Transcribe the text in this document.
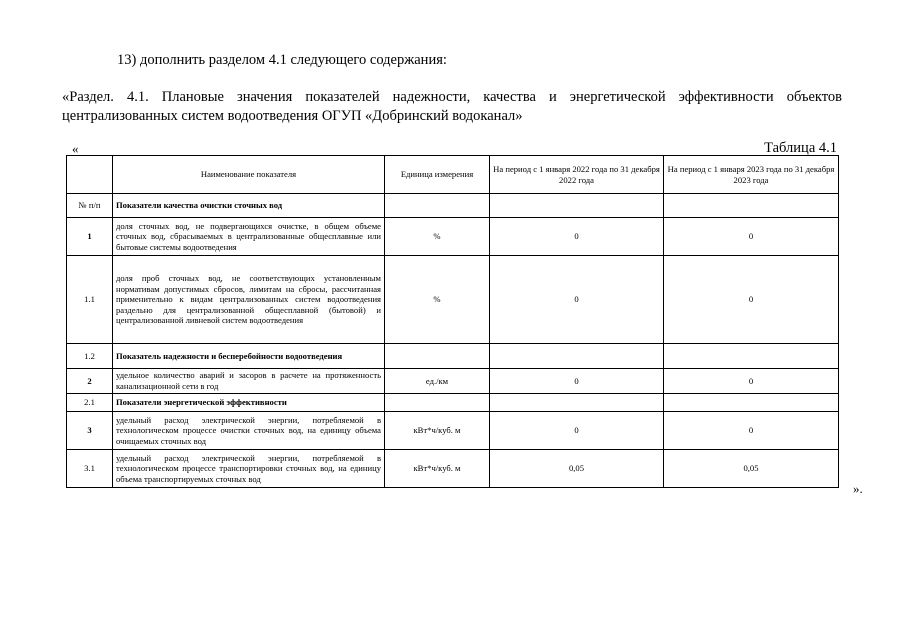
13) дополнить разделом 4.1 следующего содержания:
«Раздел. 4.1. Плановые значения показателей надежности, качества и энергетической эффективности объектов централизованных систем водоотведения ОГУП «Добринский водоканал»
«	Таблица 4.1
	Наименование показателя	Единица измерения	На период с 1 января 2022 года по 31 декабря 2022 года	На период с 1 января 2023 года по 31 декабря 2023 года
№ п/п	Показатели качества очистки сточных вод			
1	доля сточных вод, не подвергающихся очистке, в общем объеме сточных вод, сбрасываемых в централизованные общесплавные или бытовые системы водоотведения	%	0	0
1.1	доля проб сточных вод, не соответствующих установленным нормативам допустимых сбросов, лимитам на сбросы, рассчитанная применительно к видам централизованных систем водоотведения раздельно для централизованной общесплавной (бытовой) и централизованной ливневой систем водоотведения	%	0	0
1.2	Показатель надежности и бесперебойности водоотведения			
2	удельное количество аварий и засоров в расчете на протяженность канализационной сети в год	ед./км	0	0
2.1	Показатели энергетической эффективности			
3	удельный расход электрической энергии, потребляемой в технологическом процессе очистки сточных вод, на единицу объема очищаемых сточных вод	кВт*ч/куб. м	0	0
3.1	удельный расход электрической энергии, потребляемой в технологическом процессе транспортировки сточных вод, на единицу объема транспортируемых сточных вод	кВт*ч/куб. м	0,05	0,05
».
